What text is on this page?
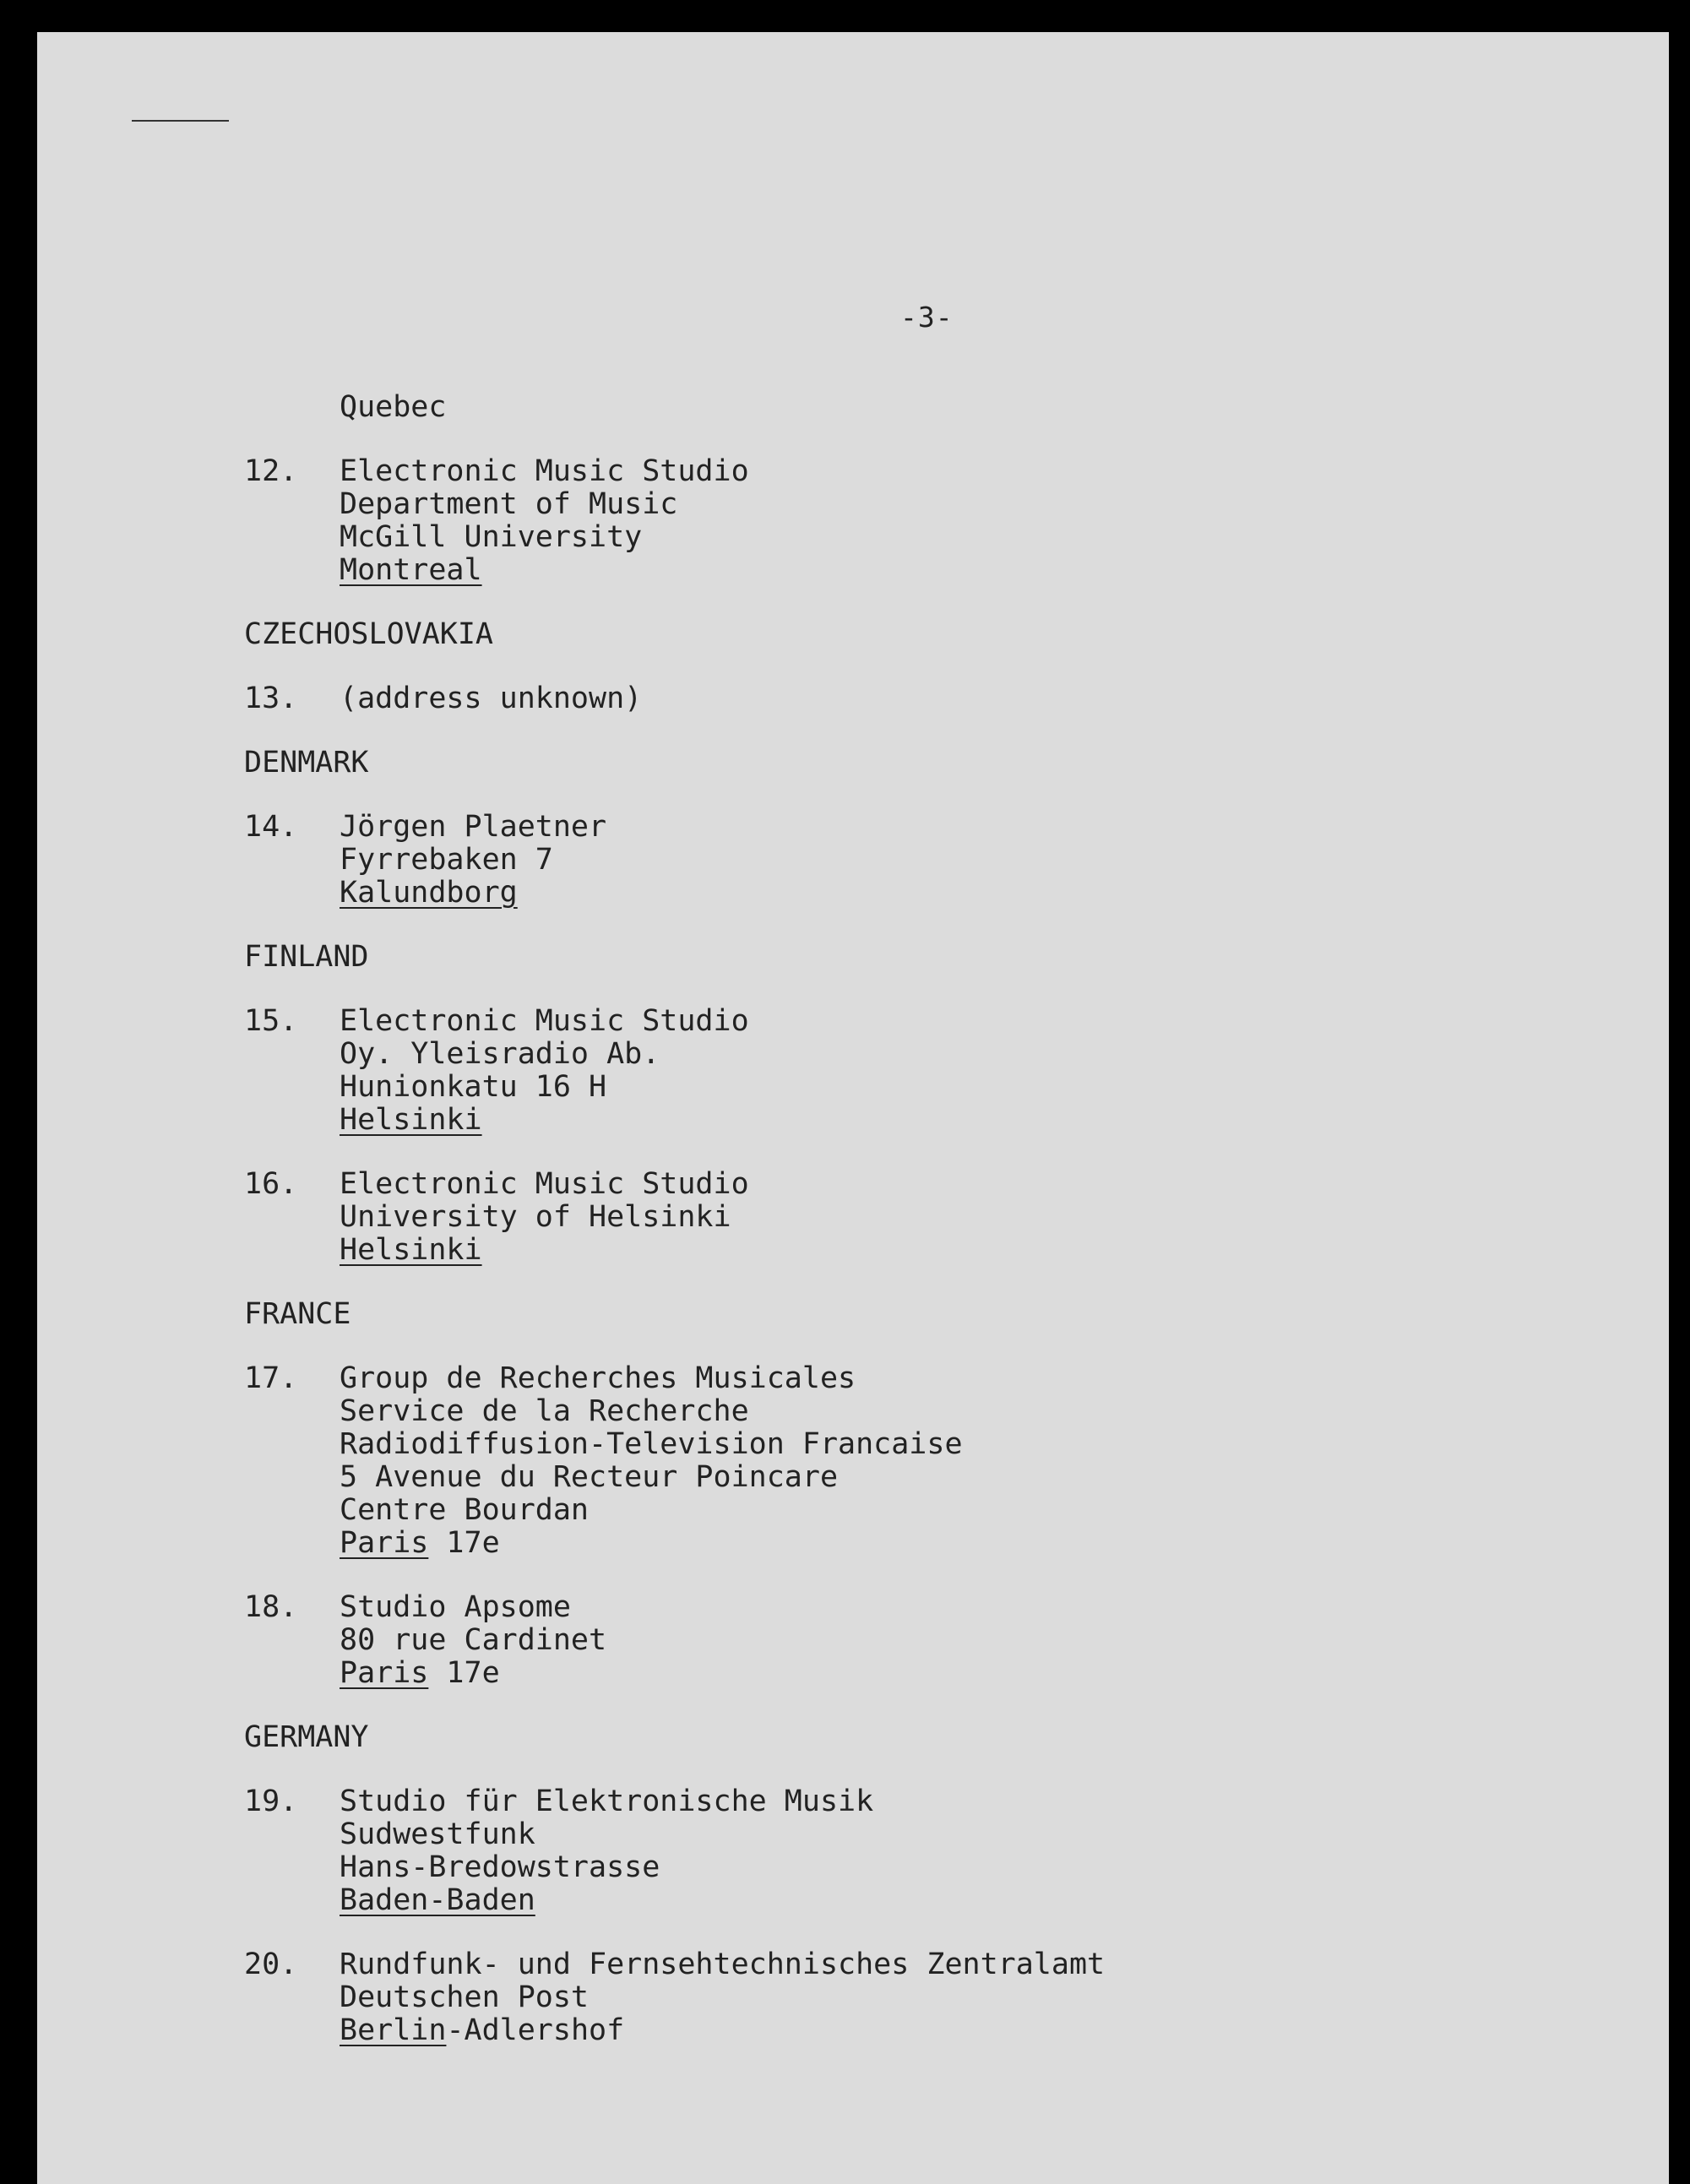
-3-
Quebec
12.	Electronic Music Studio
Department of Music
McGill University
Montreal
CZECHOSLOVAKIA
13.	(address unknown)
DENMARK
14.	Jörgen Plaetner
Fyrrebaken 7
Kalundborg
FINLAND
15.	Electronic Music Studio
Oy. Yleisradio Ab.
Hunionkatu 16 H
Helsinki
16.	Electronic Music Studio
University of Helsinki
Helsinki
FRANCE
17.	Group de Recherches Musicales
Service de la Recherche
Radiodiffusion-Television Francaise
5 Avenue du Recteur Poincare
Centre Bourdan
Paris 17e
18.	Studio Apsome
80 rue Cardinet
Paris 17e
GERMANY
19.	Studio für Elektronische Musik
Sudwestfunk
Hans-Bredowstrasse
Baden-Baden
20.	Rundfunk- und Fernsehtechnisches Zentralamt
Deutschen Post
Berlin-Adlershof
